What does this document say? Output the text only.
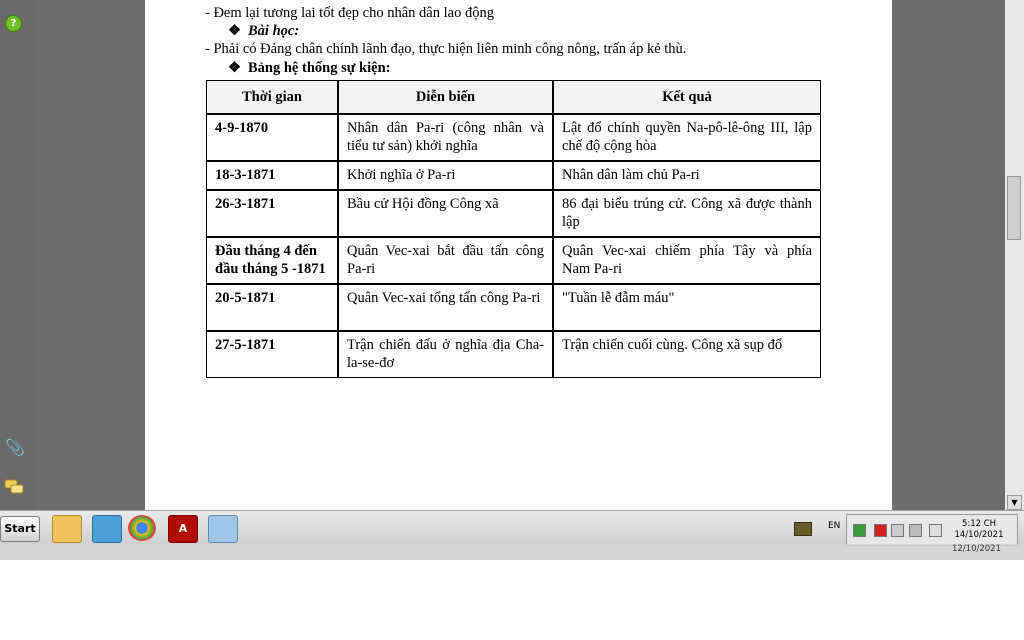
?
📎
- Đem lại tương lai tốt đẹp cho nhân dân lao động
❖ Bài học:
- Phải có Đảng chân chính lãnh đạo, thực hiện liên minh công nông, trấn áp kẻ thù.
❖ Bảng hệ thống sự kiện:
Thời gian	Diễn biến	Kết quả
4-9-1870	Nhân dân Pa-ri (công nhân và tiểu tư sản) khởi nghĩa	Lật đổ chính quyền Na-pô-lê-ông III, lập chế độ cộng hòa
18-3-1871	Khởi nghĩa ở Pa-ri	Nhân dân làm chủ Pa-ri
26-3-1871	Bầu cử Hội đồng Công xã	86 đại biểu trúng cử. Công xã được thành lập
Đầu tháng 4 đến đầu tháng 5 -1871	Quân Vec-xai bắt đầu tấn công Pa-ri	Quân Vec-xai chiếm phía Tây và phía Nam Pa-ri
20-5-1871	Quân Vec-xai tổng tấn công Pa-ri	"Tuần lễ đẫm máu"
27-5-1871	Trận chiến đấu ở nghĩa địa Cha-la-se-đơ	Trận chiến cuối cùng. Công xã sụp đổ
▼
Start	A	EN	5:12 CH
14/10/2021
12/10/2021
